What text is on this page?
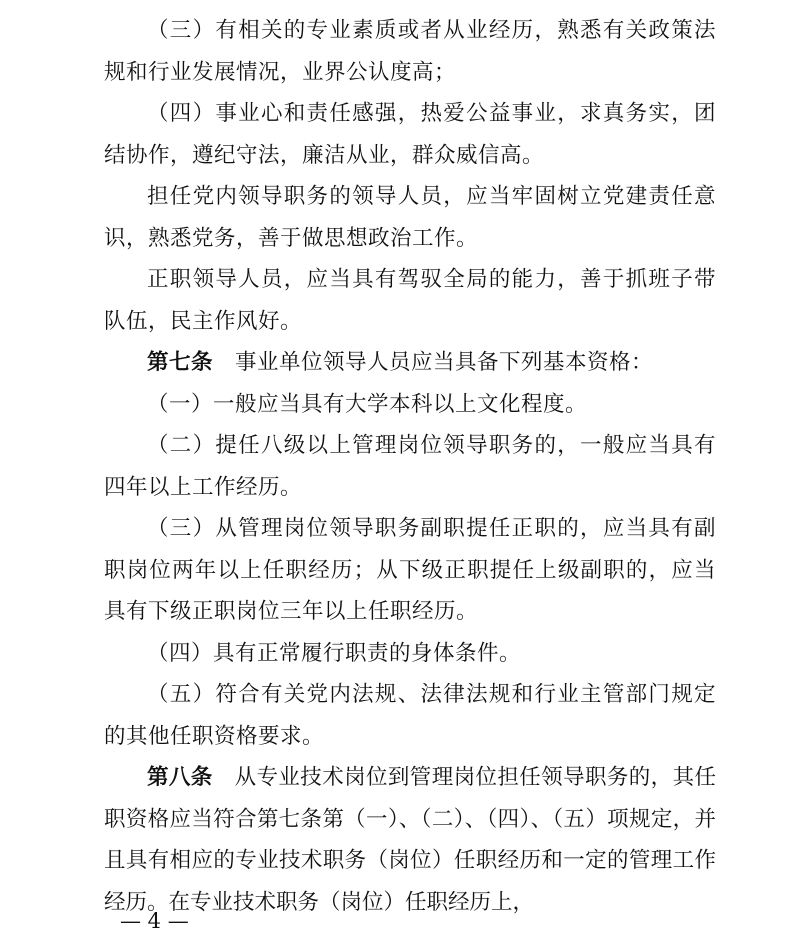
（三）有相关的专业素质或者从业经历，熟悉有关政策法规和行业发展情况，业界公认度高；

（四）事业心和责任感强，热爱公益事业，求真务实，团结协作，遵纪守法，廉洁从业，群众威信高。

担任党内领导职务的领导人员，应当牢固树立党建责任意识，熟悉党务，善于做思想政治工作。

正职领导人员，应当具有驾驭全局的能力，善于抓班子带队伍，民主作风好。

第七条　事业单位领导人员应当具备下列基本资格：

（一）一般应当具有大学本科以上文化程度。

（二）提任八级以上管理岗位领导职务的，一般应当具有四年以上工作经历。

（三）从管理岗位领导职务副职提任正职的，应当具有副职岗位两年以上任职经历；从下级正职提任上级副职的，应当具有下级正职岗位三年以上任职经历。

（四）具有正常履行职责的身体条件。

（五）符合有关党内法规、法律法规和行业主管部门规定的其他任职资格要求。

第八条　从专业技术岗位到管理岗位担任领导职务的，其任职资格应当符合第七条第（一）、（二）、（四）、（五）项规定，并且具有相应的专业技术职务（岗位）任职经历和一定的管理工作经历。在专业技术职务（岗位）任职经历上，

— 4 —
